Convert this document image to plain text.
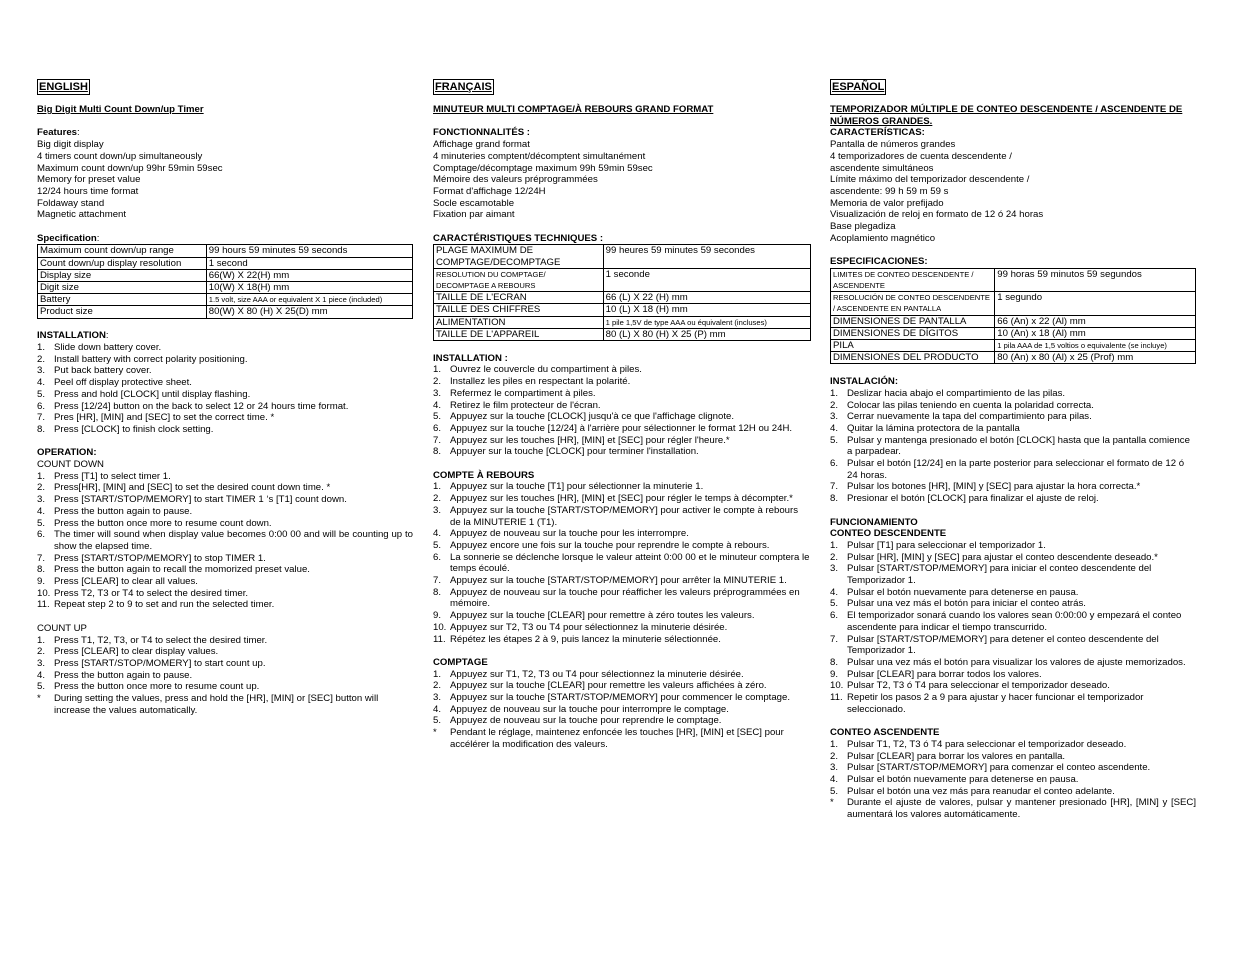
ENGLISH
Big Digit Multi Count Down/up Timer
Features:
Big digit display
4 timers count down/up simultaneously
Maximum count down/up 99hr 59min 59sec
Memory for preset value
12/24 hours time format
Foldaway stand
Magnetic attachment
Specification:
Maximum count down/up range	99 hours 59 minutes 59 seconds
Count down/up display resolution	1 second
Display size	66(W) X 22(H) mm
Digit size	10(W) X 18(H) mm
Battery	1.5 volt, size AAA or equivalent X 1 piece (included)
Product size	80(W) X 80 (H) X 25(D) mm
INSTALLATION:
1. Slide down battery cover.
2. Install battery with correct polarity positioning.
3. Put back battery cover.
4. Peel off display protective sheet.
5. Press and hold [CLOCK] until display flashing.
6. Press [12/24] button on the back to select 12 or 24 hours time format.
7. Pres [HR], [MIN] and [SEC] to set the correct time. *
8. Press [CLOCK] to finish clock setting.
OPERATION:
COUNT DOWN
1. Press [T1] to select timer 1.
2. Press[HR], [MIN] and [SEC] to set the desired count down time. *
3. Press [START/STOP/MEMORY] to start TIMER 1 ‘s [T1] count down.
4. Press the button again to pause.
5. Press the button once more to resume count down.
6. The timer will sound when display value becomes 0:00 00 and will be counting up to show the elapsed time.
7. Press [START/STOP/MEMORY] to stop TIMER 1.
8. Press the button again to recall the momorized preset value.
9. Press [CLEAR] to clear all values.
10. Press T2, T3 or T4 to select the desired timer.
11. Repeat step 2 to 9 to set and run the selected timer.
COUNT UP
1. Press T1, T2, T3, or T4 to select the desired timer.
2. Press [CLEAR] to clear display values.
3. Press [START/STOP/MOMERY] to start count up.
4. Press the button again to pause.
5. Press the button once more to resume count up.
*	During setting the values, press and hold the [HR], [MIN] or [SEC] button will increase the values automatically.
FRANÇAIS
MINUTEUR MULTI COMPTAGE/À REBOURS GRAND FORMAT
FONCTIONNALITÉS :
Affichage grand format
4 minuteries comptent/décomptent simultanément
Comptage/décomptage maximum 99h 59min 59sec
Mémoire des valeurs préprogrammées
Format d'affichage 12/24H
Socle escamotable
Fixation par aimant
CARACTÉRISTIQUES TECHNIQUES :
PLAGE MAXIMUM DE COMPTAGE/DECOMPTAGE	99 heures 59 minutes 59 secondes
RESOLUTION DU COMPTAGE/ DECOMPTAGE A REBOURS	1 seconde
TAILLE DE L'ECRAN	66 (L) X 22 (H) mm
TAILLE DES CHIFFRES	10 (L) X 18 (H) mm
ALIMENTATION	1 pile 1,5V de type AAA ou équivalent (incluses)
TAILLE DE L'APPAREIL	80 (L) X 80 (H) X 25 (P) mm
INSTALLATION :
1. Ouvrez le couvercle du compartiment à piles.
2. Installez les piles en respectant la polarité.
3. Refermez le compartiment à piles.
4. Retirez le film protecteur de l'écran.
5. Appuyez sur la touche [CLOCK] jusqu'à ce que l'affichage clignote.
6. Appuyez sur la touche [12/24] à l'arrière pour sélectionner le format 12H ou 24H.
7. Appuyez sur les touches [HR], [MIN] et [SEC] pour régler l'heure.*
8. Appuyer sur la touche [CLOCK] pour terminer l'installation.
COMPTE À REBOURS
1. Appuyez sur la touche [T1] pour sélectionner la minuterie 1.
2. Appuyez sur les touches [HR], [MIN] et [SEC] pour régler le temps à décompter.*
3. Appuyez sur la touche [START/STOP/MEMORY] pour activer le compte à rebours de la MINUTERIE 1 (T1).
4. Appuyez de nouveau sur la touche pour les interrompre.
5. Appuyez encore une fois sur la touche pour reprendre le compte à rebours.
6. La sonnerie se déclenche lorsque le valeur atteint 0:00 00 et le minuteur comptera le temps écoulé.
7. Appuyez sur la touche [START/STOP/MEMORY] pour arrêter la MINUTERIE 1.
8. Appuyez de nouveau sur la touche pour réafficher les valeurs préprogrammées en mémoire.
9. Appuyez sur la touche [CLEAR] pour remettre à zéro toutes les valeurs.
10. Appuyez sur T2, T3 ou T4 pour sélectionnez la minuterie désirée.
11. Répétez les étapes 2 à 9, puis lancez la minuterie sélectionnée.
COMPTAGE
1. Appuyez sur T1, T2, T3 ou T4 pour sélectionnez la minuterie désirée.
2. Appuyez sur la touche [CLEAR] pour remettre les valeurs affichées à zéro.
3. Appuyez sur la touche [START/STOP/MEMORY] pour commencer le comptage.
4. Appuyez de nouveau sur la touche pour interrompre le comptage.
5. Appuyez de nouveau sur la touche pour reprendre le comptage.
*	Pendant le réglage, maintenez enfoncée les touches [HR], [MIN] et [SEC] pour accélérer la modification des valeurs.
ESPAÑOL
TEMPORIZADOR MÚLTIPLE DE CONTEO DESCENDENTE / ASCENDENTE DE NÚMEROS GRANDES.
CARACTERÍSTICAS:
Pantalla de números grandes
4 temporizadores de cuenta descendente /
ascendente simultáneos
Límite máximo del temporizador descendente /
ascendente: 99 h 59 m 59 s
Memoria de valor prefijado
Visualización de reloj en formato de 12 ó 24 horas
Base plegadiza
Acoplamiento magnético
ESPECIFICACIONES:
LIMITES DE CONTEO DESCENDENTE / ASCENDENTE	99 horas 59 minutos 59 segundos
RESOLUCIÓN DE CONTEO DESCENDENTE / ASCENDENTE EN PANTALLA	1 segundo
DIMENSIONES DE PANTALLA	66 (An) x 22 (Al) mm
DIMENSIONES DE DÍGITOS	10 (An) x 18 (Al) mm
PILA	1 pila AAA de 1,5 voltios o equivalente (se incluye)
DIMENSIONES DEL PRODUCTO	80 (An) x 80 (Al) x 25 (Prof) mm
INSTALACIÓN:
1. Deslizar hacia abajo el compartimiento de las pilas.
2. Colocar las pilas teniendo en cuenta la polaridad correcta.
3. Cerrar nuevamente la tapa del compartimiento para pilas.
4. Quitar la lámina protectora de la pantalla
5. Pulsar y mantenga presionado el botón [CLOCK] hasta que la pantalla comience a parpadear.
6. Pulsar el botón [12/24] en la parte posterior para seleccionar el formato de 12 ó 24 horas.
7. Pulsar los botones [HR], [MIN] y [SEC] para ajustar la hora correcta.*
8. Presionar el botón [CLOCK] para finalizar el ajuste de reloj.
FUNCIONAMIENTO
CONTEO DESCENDENTE
1. Pulsar [T1] para seleccionar el temporizador 1.
2. Pulsar [HR], [MIN] y [SEC] para ajustar el conteo descendente deseado.*
3. Pulsar [START/STOP/MEMORY] para iniciar el conteo descendente del Temporizador 1.
4. Pulsar el botón nuevamente para detenerse en pausa.
5. Pulsar una vez más el botón para iniciar el conteo atrás.
6. El temporizador sonará cuando los valores sean 0:00:00 y empezará el conteo ascendente para indicar el tiempo transcurrido.
7. Pulsar [START/STOP/MEMORY] para detener el conteo descendente del Temporizador 1.
8. Pulsar una vez más el botón para visualizar los valores de ajuste memorizados.
9. Pulsar [CLEAR] para borrar todos los valores.
10. Pulsar T2, T3 ó T4 para seleccionar el temporizador deseado.
11. Repetir los pasos 2 a 9 para ajustar y hacer funcionar el temporizador seleccionado.
CONTEO ASCENDENTE
1. Pulsar T1, T2, T3 ó T4 para seleccionar el temporizador deseado.
2. Pulsar [CLEAR] para borrar los valores en pantalla.
3. Pulsar [START/STOP/MEMORY] para comenzar el conteo ascendente.
4. Pulsar el botón nuevamente para detenerse en pausa.
5. Pulsar el botón una vez más para reanudar el conteo adelante.
*	Durante el ajuste de valores, pulsar y mantener presionado [HR], [MIN] y [SEC] aumentará los valores automáticamente.
